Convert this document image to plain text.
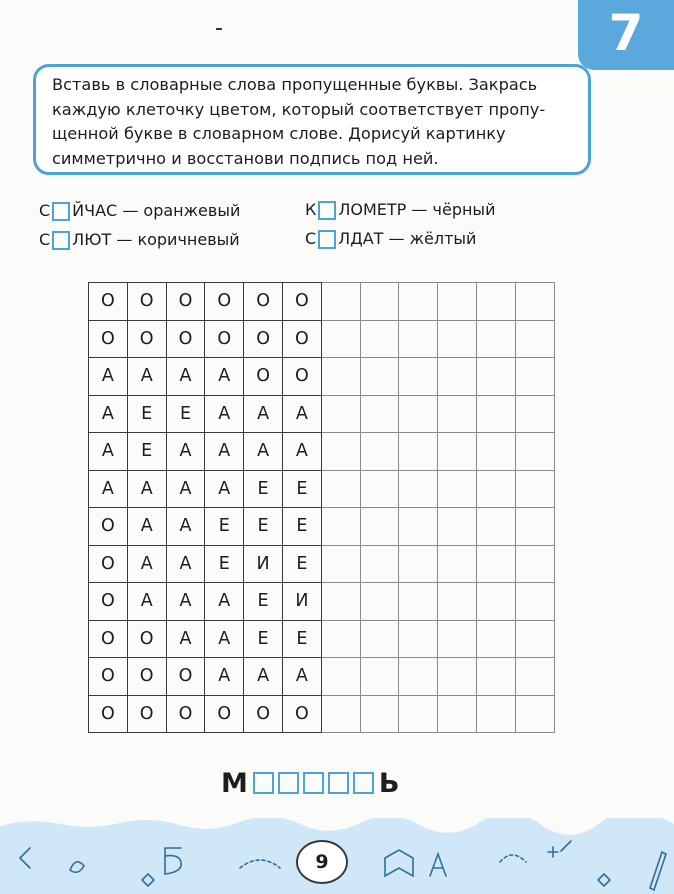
7
Вставь в словарные слова пропущенные буквы. Закрась
каждую клеточку цветом, который соответствует пропу-
щенной букве в словарном слове. Дорисуй картинку
симметрично и восстанови подпись под ней.
С ЙЧАС
—
оранжевый	К ЛОМЕТР
—
чёрный
С ЛЮТ
—
коричневый	С ЛДАТ
—
жёлтый
О	О	О	О	О	О						
О	О	О	О	О	О						
А	А	А	А	О	О						
А	Е	Е	А	А	А						
А	Е	А	А	А	А						
А	А	А	А	Е	Е						
О	А	А	Е	Е	Е						
О	А	А	Е	И	Е						
О	А	А	А	Е	И						
О	О	А	А	Е	Е						
О	О	О	А	А	А						
О	О	О	О	О	О						
М	Ь
9
